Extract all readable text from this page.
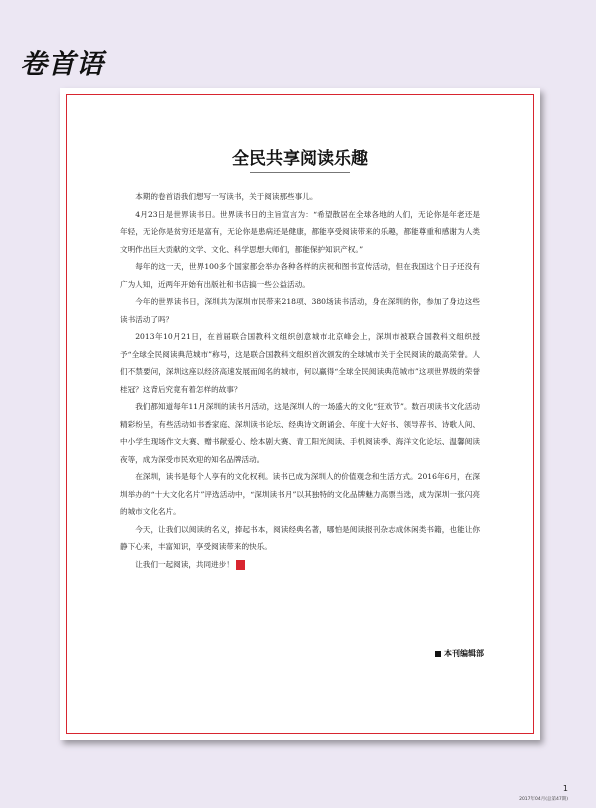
卷首语
全民共享阅读乐趣

本期的卷首语我们想写一写读书，关于阅读那些事儿。

4月23日是世界读书日。世界读书日的主旨宣言为：“希望散居在全球各地的人们，无论你是年老还是年轻，无论你是贫穷还是富有，无论你是患病还是健康，都能享受阅读带来的乐趣，都能尊重和感谢为人类文明作出巨大贡献的文学、文化、科学思想大师们，都能保护知识产权。”

每年的这一天，世界100多个国家都会举办各种各样的庆祝和图书宣传活动，但在我国这个日子还没有广为人知，近两年开始有出版社和书店搞一些公益活动。

今年的世界读书日，深圳共为深圳市民带来218项、380场读书活动，身在深圳的你，参加了身边这些读书活动了吗？

2013年10月21日，在首届联合国教科文组织创意城市北京峰会上，深圳市被联合国教科文组织授予“全球全民阅读典范城市”称号，这是联合国教科文组织首次颁发的全球城市关于全民阅读的最高荣誉。人们不禁要问，深圳这座以经济高速发展而闻名的城市，何以赢得“全球全民阅读典范城市”这项世界级的荣誉桂冠？这背后究竟有着怎样的故事？

我们都知道每年11月深圳的读书月活动，这是深圳人的一场盛大的文化“狂欢节”。数百项读书文化活动精彩纷呈，有些活动如书香家庭、深圳读书论坛、经典诗文朗诵会、年度十大好书、领导荐书、诗歌人间、中小学生现场作文大赛、赠书献爱心、绘本剧大赛、青工阳光阅读、手机阅读季、海洋文化论坛、温馨阅读夜等，成为深受市民欢迎的知名品牌活动。

在深圳，读书是每个人享有的文化权利。读书已成为深圳人的价值观念和生活方式。2016年6月，在深圳举办的“十大文化名片”评选活动中，“深圳读书月”以其独特的文化品牌魅力高票当选，成为深圳一张闪亮的城市文化名片。

今天，让我们以阅读的名义，捧起书本，阅读经典名著，哪怕是阅读报刊杂志成休闲类书籍，也能让你静下心来，丰富知识，享受阅读带来的快乐。

让我们一起阅读，共同进步！ V

本刊编辑部
1
2017年04月(总第47期)
